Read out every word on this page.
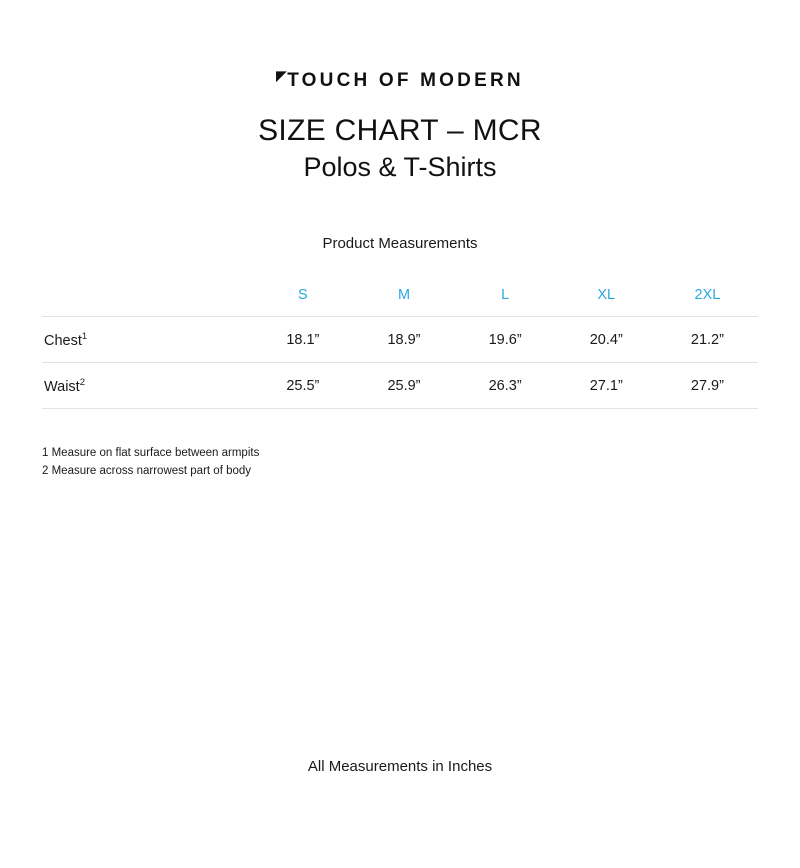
◤TOUCH OF MODERN
SIZE CHART – MCR
Polos & T-Shirts
Product Measurements
	S	M	L	XL	2XL
Chest$^1$	18.1”	18.9”	19.6”	20.4”	21.2”
Waist$^2$	25.5”	25.9”	26.3”	27.1”	27.9”
1 Measure on flat surface between armpits
2 Measure across narrowest part of body
All Measurements in Inches
